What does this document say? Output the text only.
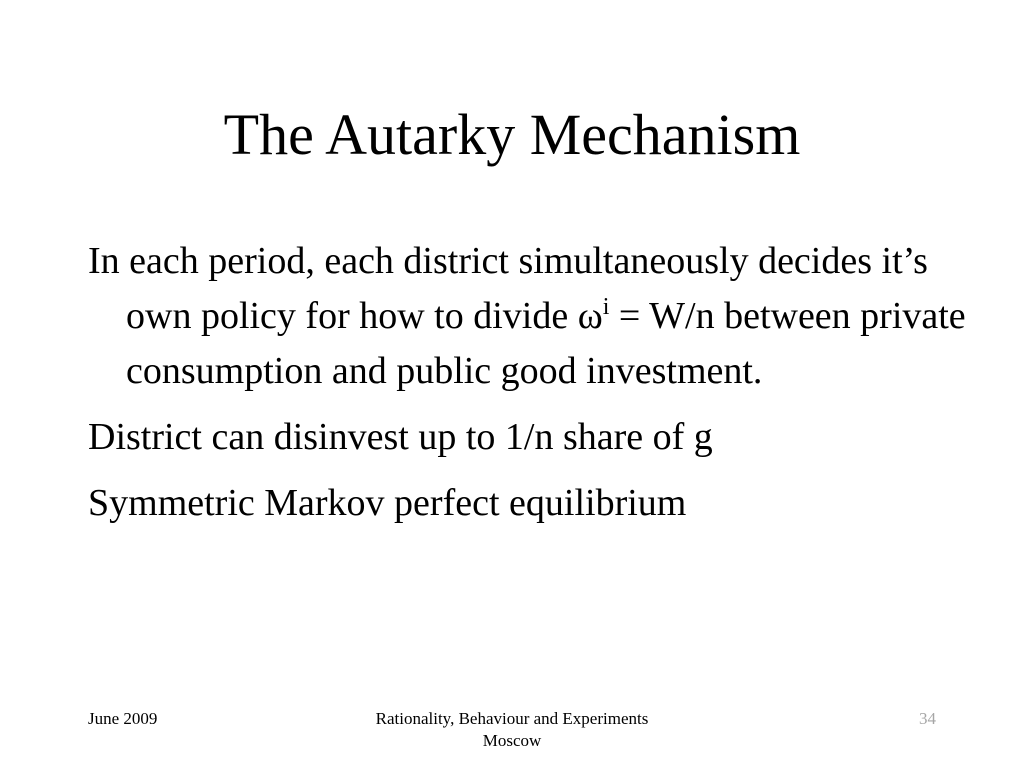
The Autarky Mechanism
In each period, each district simultaneously decides it’s own policy for how to divide $\omega^i = W/n$ between private consumption and public good investment.
District can disinvest up to 1/n share of g
Symmetric Markov perfect equilibrium
June 2009	Rationality, Behaviour and Experiments
Moscow
34
